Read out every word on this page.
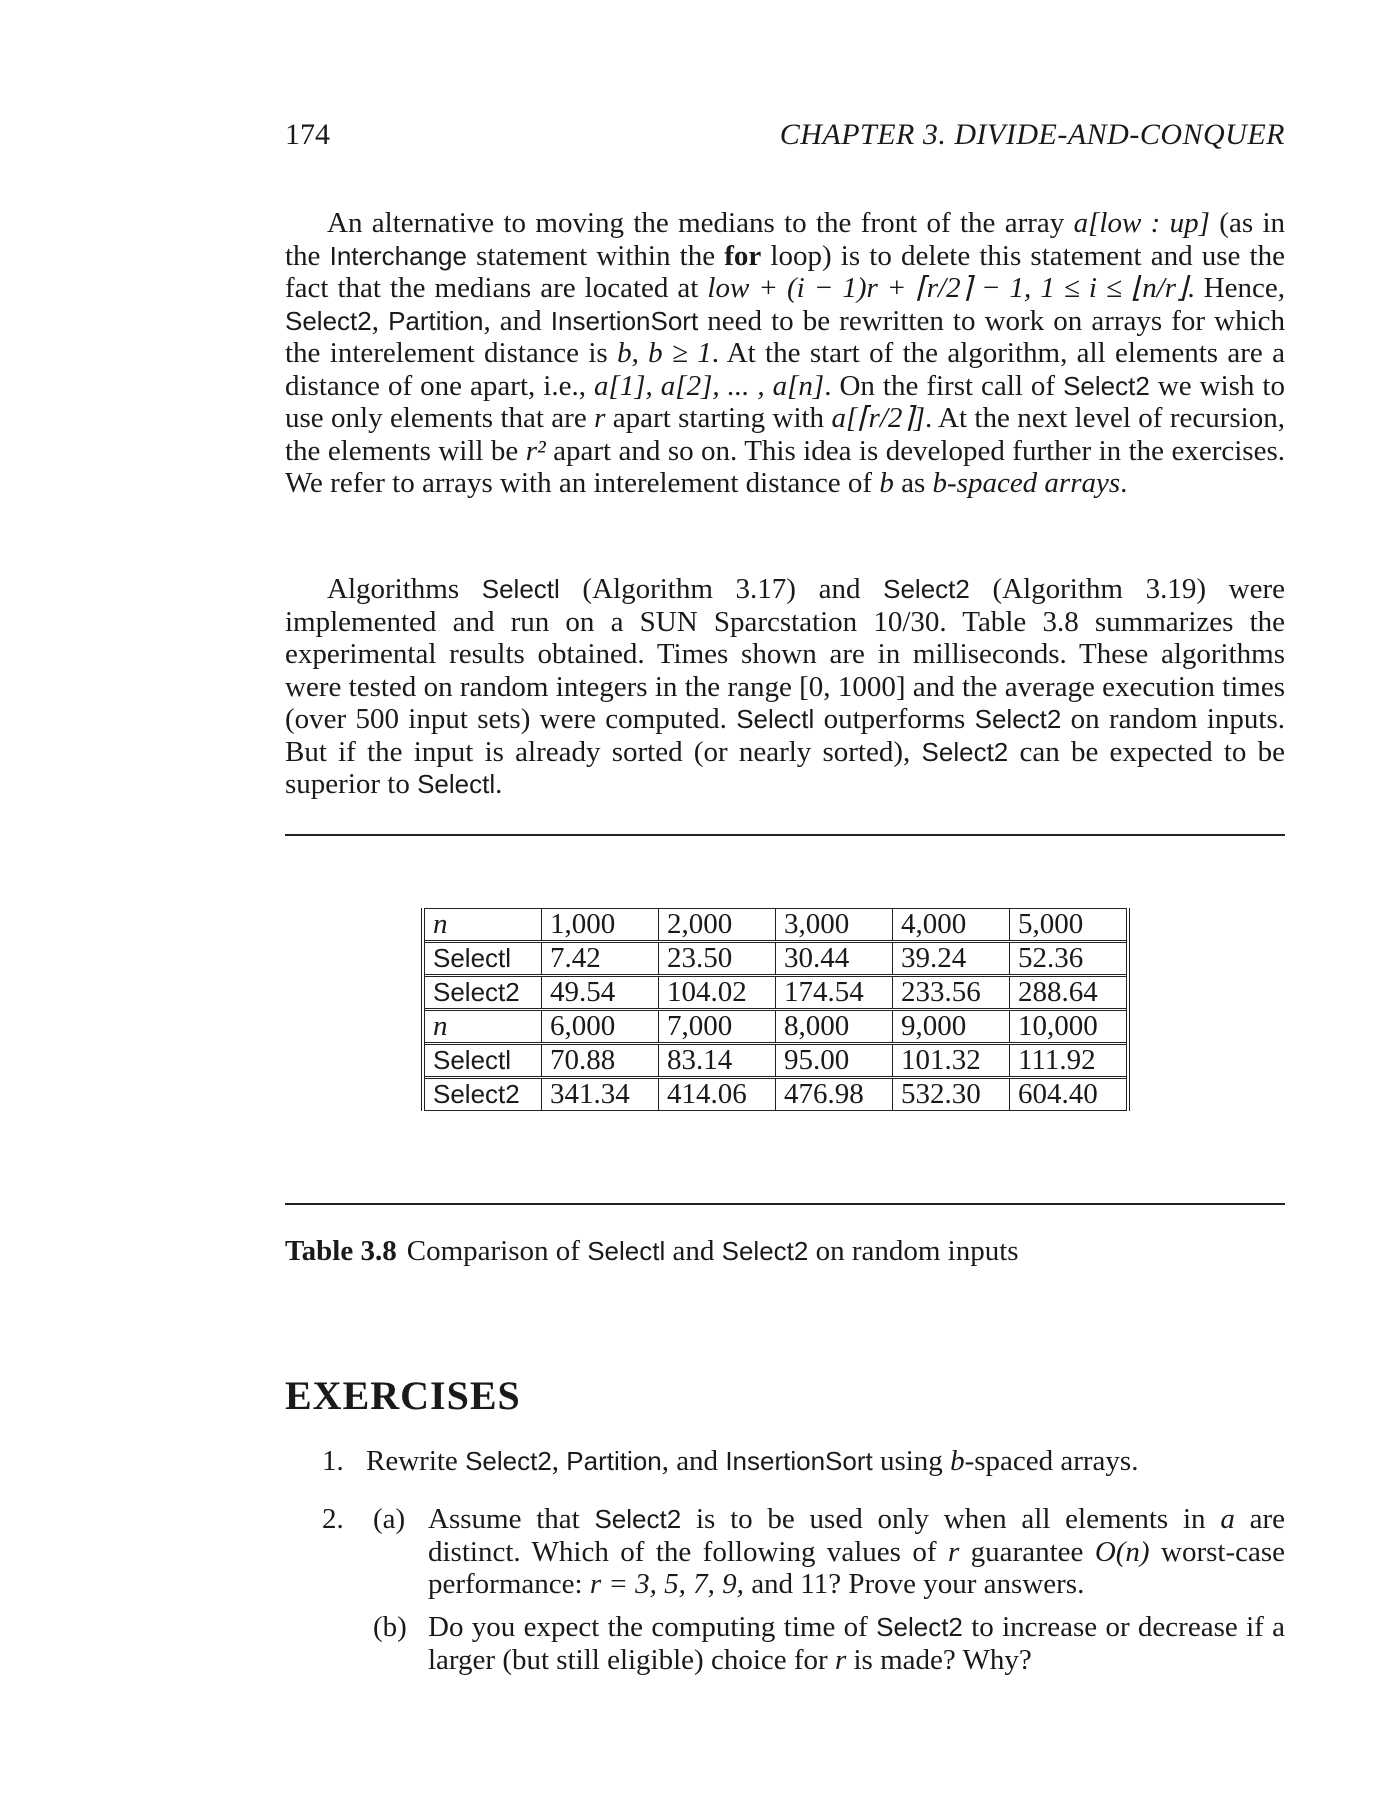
174	CHAPTER 3. DIVIDE-AND-CONQUER

An alternative to moving the medians to the front of the array a[low : up] (as in the Interchange statement within the for loop) is to delete this statement and use the fact that the medians are located at low + (i − 1)r + ⌈r/2⌉ − 1, 1 ≤ i ≤ ⌊n/r⌋. Hence, Select2, Partition, and InsertionSort need to be rewritten to work on arrays for which the interelement distance is b, b ≥ 1. At the start of the algorithm, all elements are a distance of one apart, i.e., a[1], a[2], ... , a[n]. On the first call of Select2 we wish to use only elements that are r apart starting with a[⌈r/2⌉]. At the next level of recursion, the elements will be r² apart and so on. This idea is developed further in the exercises. We refer to arrays with an interelement distance of b as b-spaced arrays.

Algorithms Selectl (Algorithm 3.17) and Select2 (Algorithm 3.19) were implemented and run on a SUN Sparcstation 10/30. Table 3.8 summarizes the experimental results obtained. Times shown are in milliseconds. These algorithms were tested on random integers in the range [0, 1000] and the average execution times (over 500 input sets) were computed. Selectl outperforms Select2 on random inputs. But if the input is already sorted (or nearly sorted), Select2 can be expected to be superior to Selectl.

n	1,000	2,000	3,000	4,000	5,000
Selectl	7.42	23.50	30.44	39.24	52.36
Select2	49.54	104.02	174.54	233.56	288.64
n	6,000	7,000	8,000	9,000	10,000
Selectl	70.88	83.14	95.00	101.32	111.92
Select2	341.34	414.06	476.98	532.30	604.40
Table 3.8 Comparison of Selectl and Select2 on random inputs
EXERCISES
1. Rewrite Select2, Partition, and InsertionSort using b-spaced arrays.
2. (a) Assume that Select2 is to be used only when all elements in a are distinct. Which of the following values of r guarantee O(n) worst-case performance: r = 3, 5, 7, 9, and 11? Prove your answers.
(b) Do you expect the computing time of Select2 to increase or decrease if a larger (but still eligible) choice for r is made? Why?
